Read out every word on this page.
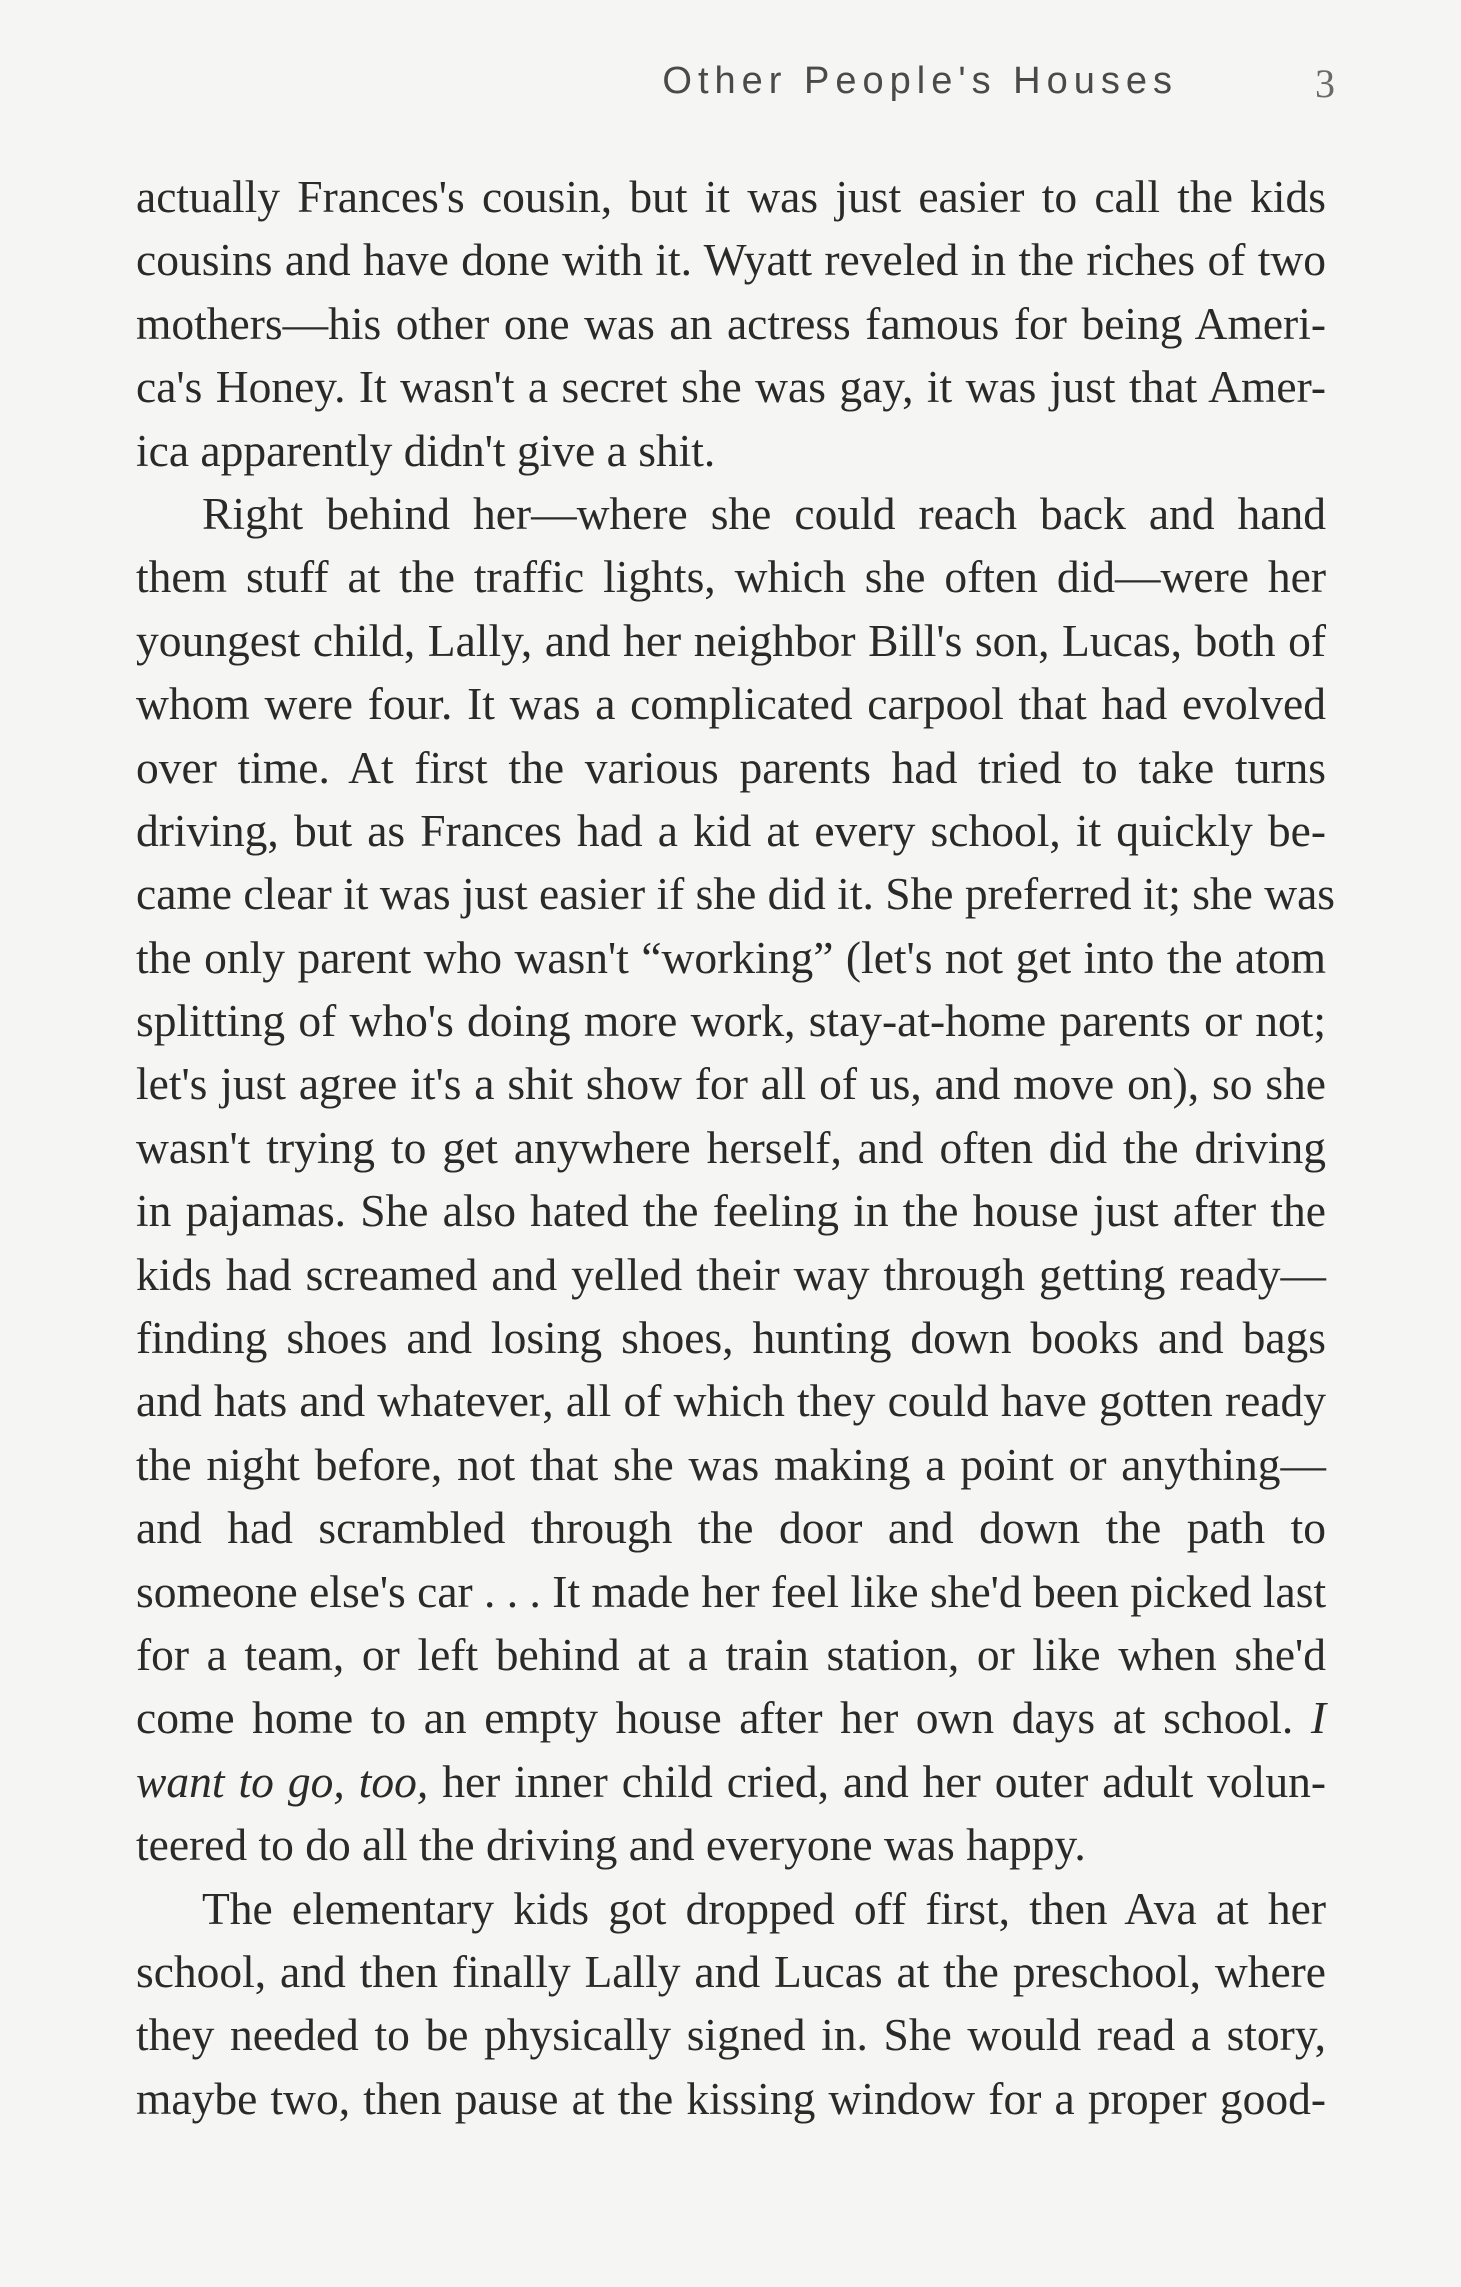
Other People's Houses	3
actually Frances's cousin, but it was just easier to call the kids
cousins and have done with it. Wyatt reveled in the riches of two
mothers—his other one was an actress famous for being Ameri-
ca's Honey. It wasn't a secret she was gay, it was just that Amer-
ica apparently didn't give a shit.
Right behind her—where she could reach back and hand
them stuff at the traffic lights, which she often did—were her
youngest child, Lally, and her neighbor Bill's son, Lucas, both of
whom were four. It was a complicated carpool that had evolved
over time. At first the various parents had tried to take turns
driving, but as Frances had a kid at every school, it quickly be-
came clear it was just easier if she did it. She preferred it; she was
the only parent who wasn't “working” (let's not get into the atom
splitting of who's doing more work, stay-at-home parents or not;
let's just agree it's a shit show for all of us, and move on), so she
wasn't trying to get anywhere herself, and often did the driving
in pajamas. She also hated the feeling in the house just after the
kids had screamed and yelled their way through getting ready—
finding shoes and losing shoes, hunting down books and bags
and hats and whatever, all of which they could have gotten ready
the night before, not that she was making a point or anything—
and had scrambled through the door and down the path to
someone else's car . . . It made her feel like she'd been picked last
for a team, or left behind at a train station, or like when she'd
come home to an empty house after her own days at school. I
want to go, too, her inner child cried, and her outer adult volun-
teered to do all the driving and everyone was happy.
The elementary kids got dropped off first, then Ava at her
school, and then finally Lally and Lucas at the preschool, where
they needed to be physically signed in. She would read a story,
maybe two, then pause at the kissing window for a proper good-
